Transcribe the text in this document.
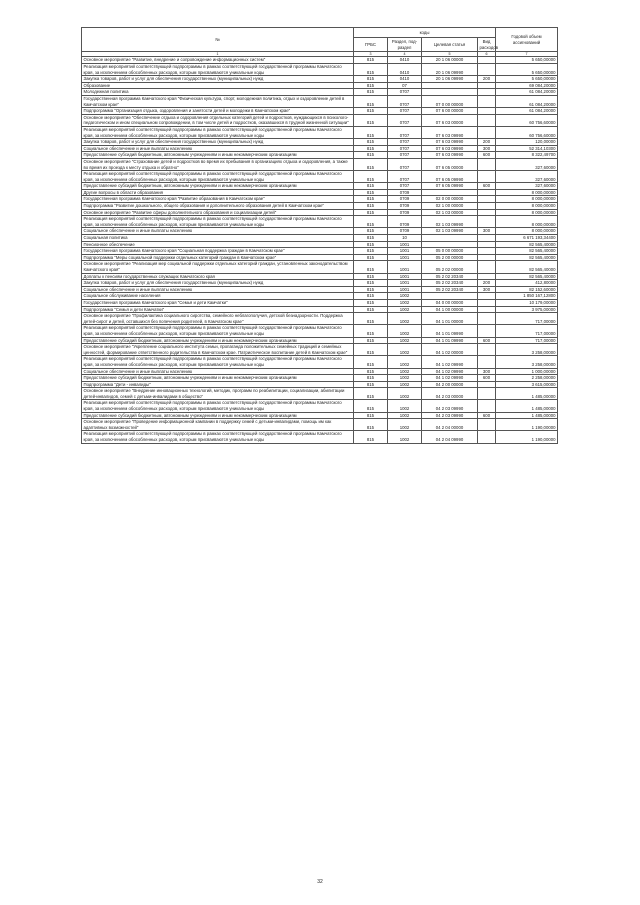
№	коды				Годовой объем ассигнований
	ГРБС	Раздел, под-раздел	Целевая статья	Вид расходов	
1	3	4	5	6	7
Основное мероприятие "Развитие, внедрение и сопровождение информационных систем"	815	0410	20 1 06 00000		5 650,00000
Реализация мероприятий соответствующей подпрограммы в рамках соответствующей государственной программы Камчатского края, за исключением обособленных расходов, которым присваиваются уникальные коды	815	0410	20 1 06 09990		5 650,00000
Закупка товаров, работ и услуг для обеспечения государственных (муниципальных) нужд	815	0410	20 1 06 09990	200	5 650,00000
Образование	815	07			69 084,20000
Молодежная политика	815	0707			61 084,20000
Государственная программа Камчатского края "Физическая культура, спорт, молодежная политика, отдых и оздоровление детей в Камчатском крае"	815	0707	07 0 00 00000		61 084,20000
Подпрограмма "Организация отдыха, оздоровления и занятости детей и молодежи в Камчатском крае"	815	0707	07 6 00 00000		61 084,20000
Основное мероприятие "Обеспечение отдыха и оздоровления отдельных категорий детей и подростков, нуждающихся в психолого-педагогическом и ином специальном сопровождении, в том числе детей и подростков, оказавшихся в трудной жизненной ситуации"	815	0707	07 6 03 00000		60 756,60000
Реализация мероприятий соответствующей подпрограммы в рамках соответствующей государственной программы Камчатского края, за исключением обособленных расходов, которым присваиваются уникальные коды	815	0707	07 6 03 09990		60 756,60000
Закупка товаров, работ и услуг для обеспечения государственных (муниципальных) нужд	815	0707	07 6 03 09990	200	120,00000
Социальное обеспечение и иные выплаты населению	815	0707	07 6 03 09990	300	52 314,10300
Предоставление субсидий бюджетным, автономным учреждениям и иным некоммерческим организациям	815	0707	07 6 03 09990	600	8 322,49700
Основное мероприятие "Страхование детей и подростков во время их пребывания в организациях отдыха и оздоровления, а также во время их проезда к месту отдыха и обратно"	815	0707	07 6 05 00000		327,60000
Реализация мероприятий соответствующей подпрограммы в рамках соответствующей государственной программы Камчатского края, за исключением обособленных расходов, которым присваиваются уникальные коды	815	0707	07 6 05 09990		327,60000
Предоставление субсидий бюджетным, автономным учреждениям и иным некоммерческим организациям	815	0707	07 6 05 09990	600	327,60000
Другие вопросы в области образования	815	0709			8 000,00000
Государственная программа Камчатского края "Развитие образования в Камчатском крае"	815	0709	02 0 00 00000		8 000,00000
Подпрограмма "Развитие дошкольного, общего образования и дополнительного образования детей в Камчатском крае"	815	0709	02 1 00 00000		8 000,00000
Основное мероприятие "Развитие сферы дополнительного образования и социализации детей"	815	0709	02 1 03 00000		8 000,00000
Реализация мероприятий соответствующей подпрограммы в рамках соответствующей государственной программы Камчатского края, за исключением обособленных расходов, которым присваиваются уникальные коды	815	0709	02 1 03 09990		8 000,00000
Социальное обеспечение и иные выплаты населению	815	0709	02 1 03 09990	300	8 000,00000
Социальная политика	815	10			6 671 193,34400
Пенсионное обеспечение	815	1001			82 565,40000
Государственная программа Камчатского края "Социальная поддержка граждан в Камчатском крае"	815	1001	05 0 00 00000		82 565,40000
Подпрограмма "Меры социальной поддержки отдельных категорий граждан в Камчатском крае"	815	1001	05 2 00 00000		82 565,40000
Основное мероприятие "Реализация мер социальной поддержки отдельных категорий граждан, установленных законодательством Камчатского края"	815	1001	05 2 02 00000		82 565,40000
Доплаты к пенсиям государственных служащих Камчатского края	815	1001	05 2 02 20340		82 565,40000
Закупка товаров, работ и услуг для обеспечения государственных (муниципальных) нужд	815	1001	05 2 02 20340	200	412,80000
Социальное обеспечение и иные выплаты населению	815	1001	05 2 02 20340	300	82 152,60000
Социальное обслуживание населения	815	1002			1 850 167,12800
Государственная программа Камчатского края "Семья и дети Камчатки"	815	1002	04 0 00 00000		10 179,00000
Подпрограмма "Семья и дети Камчатки"	815	1002	04 1 00 00000		3 975,00000
Основное мероприятие "Профилактика социального сиротства, семейного неблагополучия, детской безнадзорности. Поддержка детей-сирот и детей, оставшихся без попечения родителей, в Камчатском крае"	815	1002	04 1 01 00000		717,00000
Реализация мероприятий соответствующей подпрограммы в рамках соответствующей государственной программы Камчатского края, за исключением обособленных расходов, которым присваиваются уникальные коды	815	1002	04 1 01 09990		717,00000
Предоставление субсидий бюджетным, автономным учреждениям и иным некоммерческим организациям	815	1002	04 1 01 09990	600	717,00000
Основное мероприятие "Укрепление социального института семьи, пропаганда положительных семейных традиций и семейных ценностей, формирование ответственного родительства в Камчатском крае. Патриотическое воспитание детей в Камчатском крае"	815	1002	04 1 02 00000		3 258,00000
Реализация мероприятий соответствующей подпрограммы в рамках соответствующей государственной программы Камчатского края, за исключением обособленных расходов, которым присваиваются уникальные коды	815	1002	04 1 02 09990		3 258,00000
Социальное обеспечение и иные выплаты населению	815	1002	04 1 02 09990	300	1 000,00000
Предоставление субсидий бюджетным, автономным учреждениям и иным некоммерческим организациям	815	1002	04 1 02 09990	600	2 258,00000
Подпрограмма "Дети - инвалиды"	815	1002	04 2 00 00000		3 615,00000
Основное мероприятие "Внедрение инновационных технологий, методик, программ по реабилитации, социализации, абилитации детей-инвалидов, семей с детьми-инвалидами в общество"	815	1002	04 2 03 00000		1 485,00000
Реализация мероприятий соответствующей подпрограммы в рамках соответствующей государственной программы Камчатского края, за исключением обособленных расходов, которым присваиваются уникальные коды	815	1002	04 2 03 09990		1 485,00000
Предоставление субсидий бюджетным, автономным учреждениям и иным некоммерческим организациям	815	1002	04 2 03 09990	600	1 485,00000
Основное мероприятие "Проведение информационной кампании в поддержку семей с детьми-инвалидами, помощь им как адаптивных возможностей"	815	1002	04 2 04 00000		1 190,00000
Реализация мероприятий соответствующей подпрограммы в рамках соответствующей государственной программы Камчатского края, за исключением обособленных расходов, которым присваиваются уникальные коды	815	1002	04 2 04 09990		1 190,00000
32
